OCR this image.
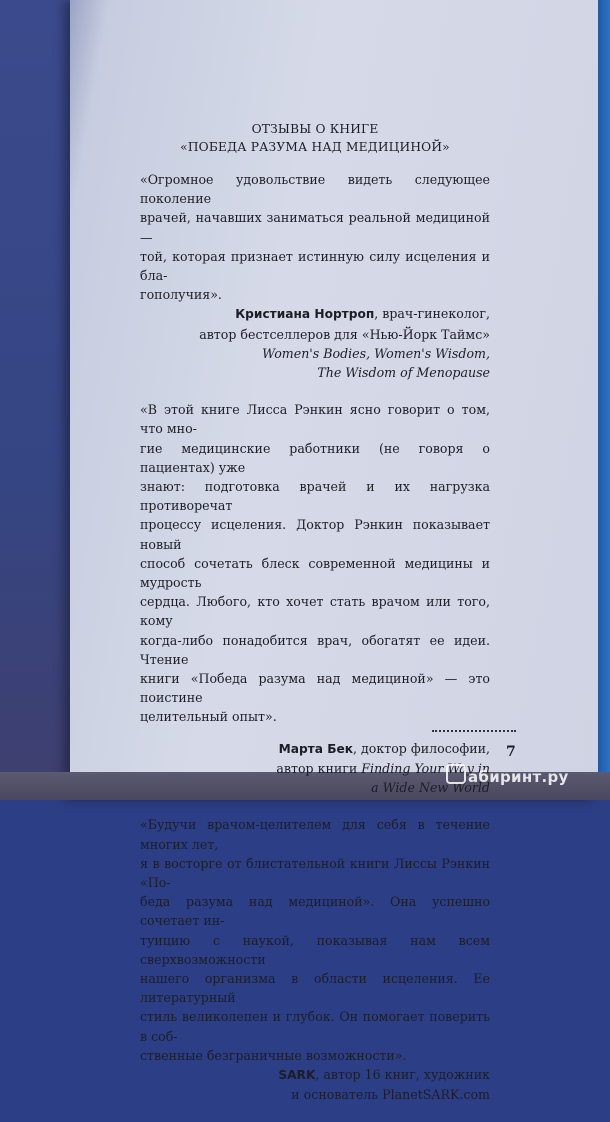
ОТЗЫВЫ О КНИГЕ
«ПОБЕДА РАЗУМА НАД МЕДИЦИНОЙ»

«Огромное удовольствие видеть следующее поколение
врачей, начавших заниматься реальной медициной —
той, которая признает истинную силу исцеления и бла-
гополучия».

Кристиана Нортроп, врач-гинеколог,
автор бестселлеров для «Нью-Йорк Таймс»
Women's Bodies, Women's Wisdom,
The Wisdom of Menopause

«В этой книге Лисса Рэнкин ясно говорит о том, что мно-
гие медицинские работники (не говоря о пациентах) уже
знают: подготовка врачей и их нагрузка противоречат
процессу исцеления. Доктор Рэнкин показывает новый
способ сочетать блеск современной медицины и мудрость
сердца. Любого, кто хочет стать врачом или того, кому
когда-либо понадобится врач, обогатят ее идеи. Чтение
книги «Победа разума над медициной» — это поистине
целительный опыт».

Марта Бек, доктор философии,
автор книги Finding Your Way in
a Wide New World

«Будучи врачом-целителем для себя в течение многих лет,
я в восторге от блистательной книги Лиссы Рэнкин «По-
беда разума над медициной». Она успешно сочетает ин-
туицию с наукой, показывая нам всем сверхвозможности
нашего организма в области исцеления. Ее литературный
стиль великолепен и глубок. Он помогает поверить в соб-
ственные безграничные возможности».

SARK, автор 16 книг, художник
и основатель PlanetSARK.com

7
абиринт.ру
